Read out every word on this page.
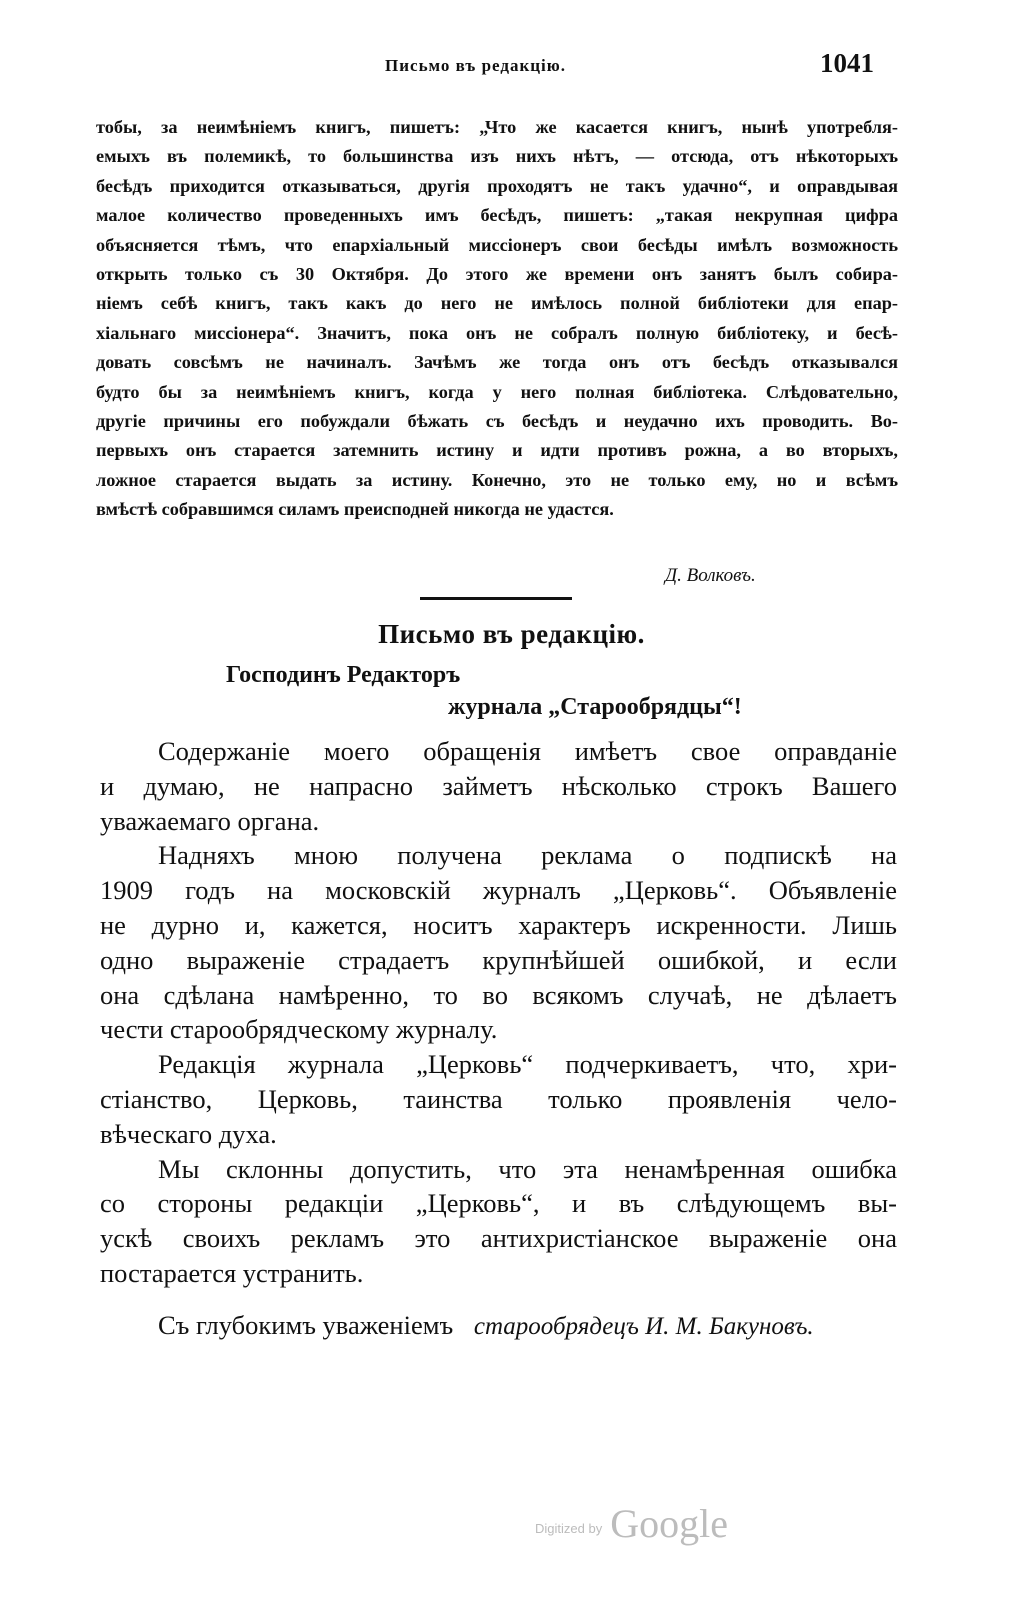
Письмо въ редакцію.	1041
тобы, за неимѣніемъ книгъ, пишетъ: „Что же касается книгъ, нынѣ употребля-
емыхъ въ полемикѣ, то большинства изъ нихъ нѣтъ, — отсюда, отъ нѣкоторыхъ
бесѣдъ приходится отказываться, другія проходятъ не такъ удачно“, и оправдывая
малое количество проведенныхъ имъ бесѣдъ, пишетъ: „такая некрупная цифра
объясняется тѣмъ, что епархіальный миссіонеръ свои бесѣды имѣлъ возможность
открыть только съ 30 Октября. До этого же времени онъ занятъ былъ собира-
ніемъ себѣ книгъ, такъ какъ до него не имѣлось полной библіотеки для епар-
хіальнаго миссіонера“. Значитъ, пока онъ не собралъ полную библіотеку, и бесѣ-
довать совсѣмъ не начиналъ. Зачѣмъ же тогда онъ отъ бесѣдъ отказывался
будто бы за неимѣніемъ книгъ, когда у него полная библіотека. Слѣдовательно,
другіе причины его побуждали бѣжать съ бесѣдъ и неудачно ихъ проводить. Во-
первыхъ онъ старается затемнить истину и идти противъ рожна, а во вторыхъ,
ложное старается выдать за истину. Конечно, это не только ему, но и всѣмъ
вмѣстѣ собравшимся силамъ преисподней никогда не удастся.
Д. Волковъ.
Письмо въ редакцію.
Господинъ Редакторъ
журнала „Старообрядцы“!
Содержаніе моего обращенія имѣетъ свое оправданіе
и думаю, не напрасно займетъ нѣсколько строкъ Вашего
уважаемаго органа.
Надняхъ мною получена реклама о подпискѣ на
1909 годъ на московскій журналъ „Церковь“. Объявленіе
не дурно и, кажется, носитъ характеръ искренности. Лишь
одно выраженіе страдаетъ крупнѣйшей ошибкой, и если
она сдѣлана намѣренно, то во всякомъ случаѣ, не дѣлаетъ
чести старообрядческому журналу.
Редакція журнала „Церковь“ подчеркиваетъ, что, хри-
стіанство, Церковь, таинства только проявленія чело-
вѣческаго духа.
Мы склонны допустить, что эта ненамѣренная ошибка
со стороны редакціи „Церковь“, и въ слѣдующемъ вы-
ускѣ своихъ рекламъ это антихристіанское выраженіе она
постарается устранить.
Съ глубокимъ уваженіемъ старообрядецъ И. М. Бакуновъ.
$^{Digitized by}$ Google
